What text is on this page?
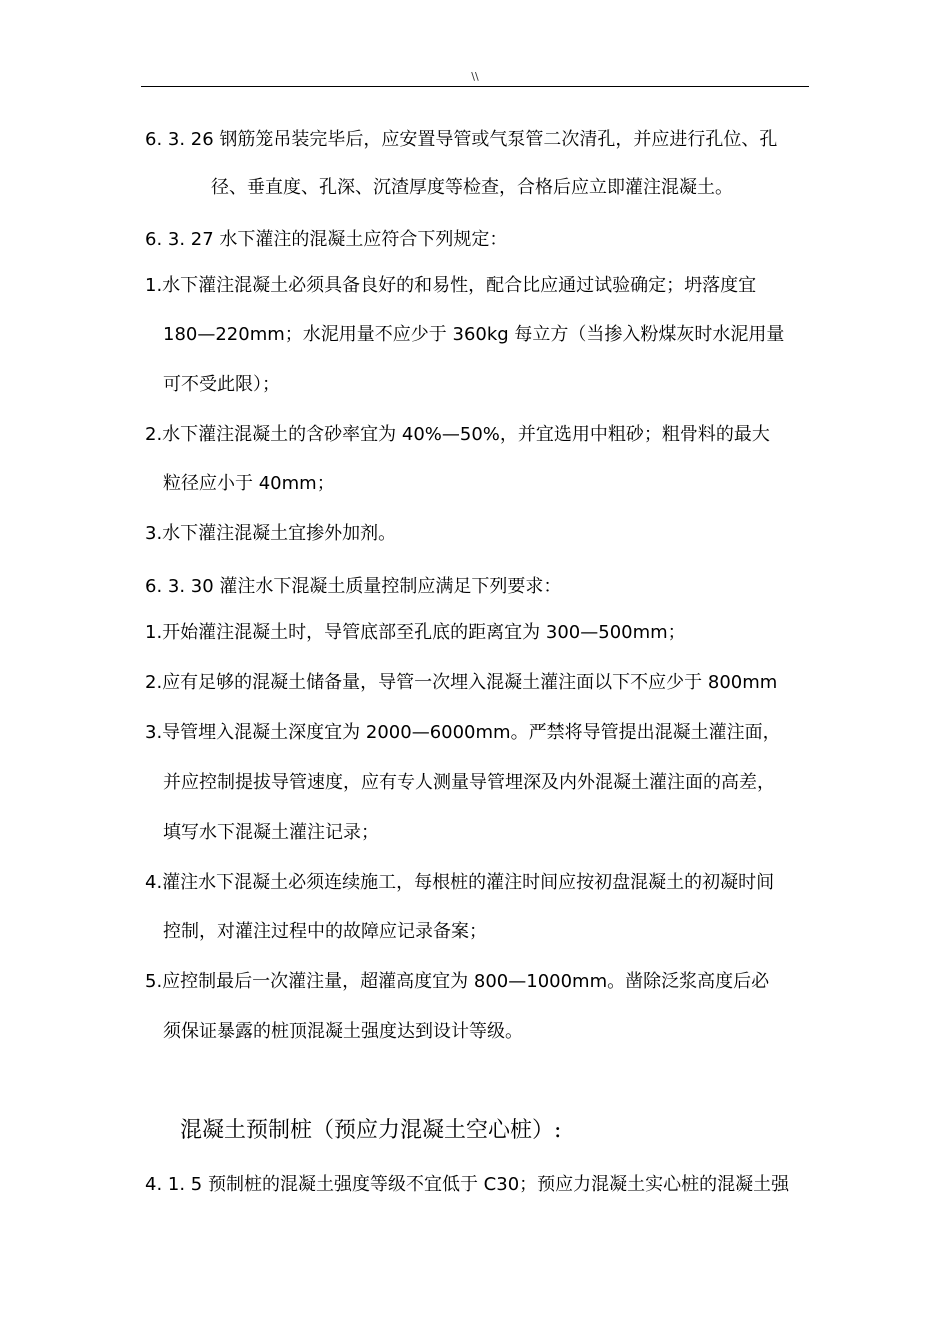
\\
6. 3. 26 钢筋笼吊装完毕后，应安置导管或气泵管二次清孔，并应进行孔位、孔
径、垂直度、孔深、沉渣厚度等检查，合格后应立即灌注混凝土。
6. 3. 27 水下灌注的混凝土应符合下列规定：
1.水下灌注混凝土必须具备良好的和易性，配合比应通过试验确定；坍落度宜
180—220mm；水泥用量不应少于 360kg 每立方（当掺入粉煤灰时水泥用量
可不受此限）；
2.水下灌注混凝土的含砂率宜为 40%—50%，并宜选用中粗砂；粗骨料的最大
粒径应小于 40mm；
3.水下灌注混凝土宜掺外加剂。
6. 3. 30 灌注水下混凝土质量控制应满足下列要求：
1.开始灌注混凝土时，导管底部至孔底的距离宜为 300—500mm；
2.应有足够的混凝土储备量，导管一次埋入混凝土灌注面以下不应少于 800mm
3.导管埋入混凝土深度宜为 2000—6000mm。严禁将导管提出混凝土灌注面，
并应控制提拔导管速度，应有专人测量导管埋深及内外混凝土灌注面的高差，
填写水下混凝土灌注记录；
4.灌注水下混凝土必须连续施工，每根桩的灌注时间应按初盘混凝土的初凝时间
控制，对灌注过程中的故障应记录备案；
5.应控制最后一次灌注量，超灌高度宜为 800—1000mm。凿除泛浆高度后必
须保证暴露的桩顶混凝土强度达到设计等级。
混凝土预制桩（预应力混凝土空心桩）:
4. 1. 5 预制桩的混凝土强度等级不宜低于 C30；预应力混凝土实心桩的混凝土强
